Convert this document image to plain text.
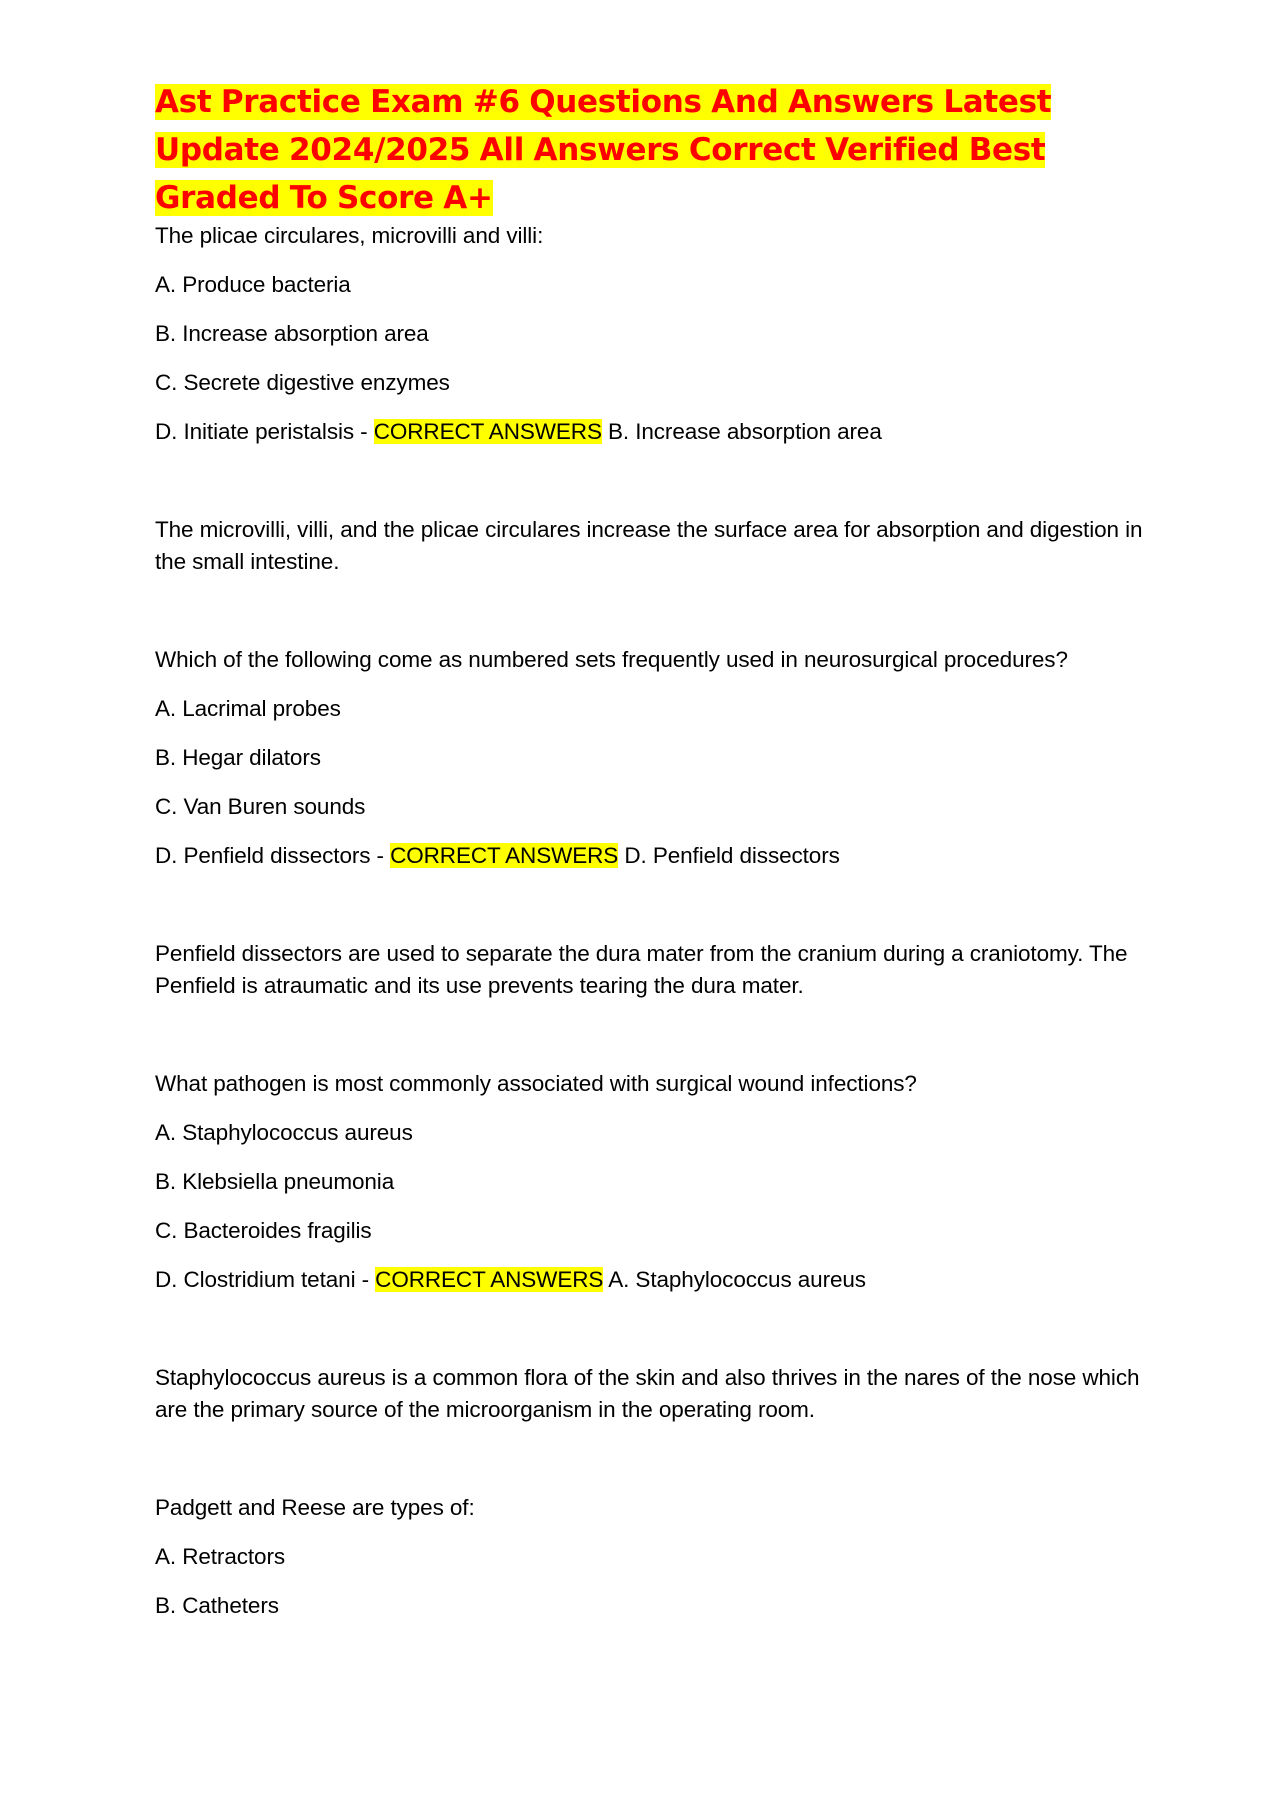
Ast Practice Exam #6 Questions And Answers Latest Update 2024/2025 All Answers Correct Verified Best Graded To Score A+

The plicae circulares, microvilli and villi:

A. Produce bacteria

B. Increase absorption area

C. Secrete digestive enzymes

D. Initiate peristalsis - CORRECT ANSWERS B. Increase absorption area

The microvilli, villi, and the plicae circulares increase the surface area for absorption and digestion in the small intestine.

Which of the following come as numbered sets frequently used in neurosurgical procedures?

A. Lacrimal probes

B. Hegar dilators

C. Van Buren sounds

D. Penfield dissectors - CORRECT ANSWERS D. Penfield dissectors

Penfield dissectors are used to separate the dura mater from the cranium during a craniotomy. The Penfield is atraumatic and its use prevents tearing the dura mater.

What pathogen is most commonly associated with surgical wound infections?

A. Staphylococcus aureus

B. Klebsiella pneumonia

C. Bacteroides fragilis

D. Clostridium tetani - CORRECT ANSWERS A. Staphylococcus aureus

Staphylococcus aureus is a common flora of the skin and also thrives in the nares of the nose which are the primary source of the microorganism in the operating room.

Padgett and Reese are types of:

A. Retractors

B. Catheters
